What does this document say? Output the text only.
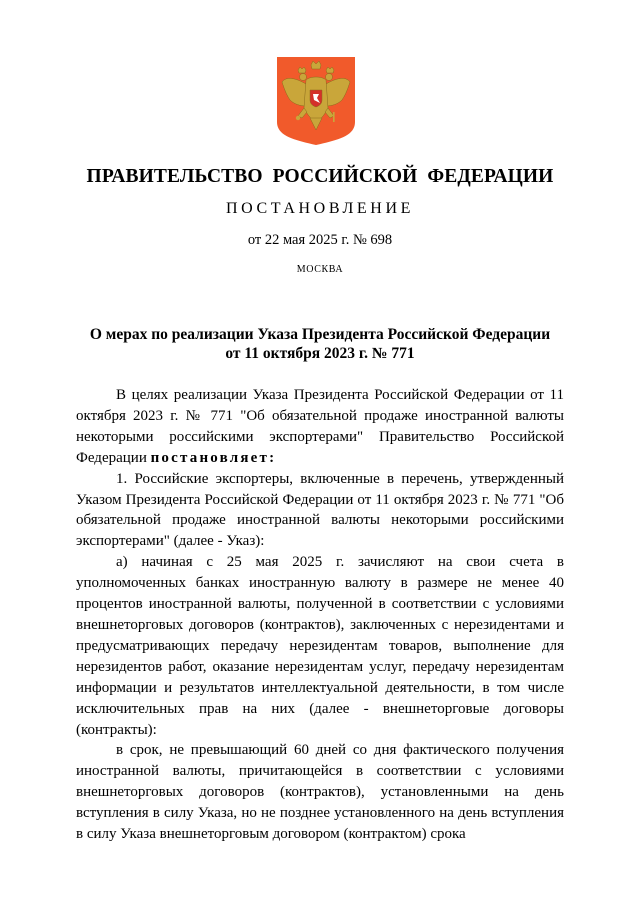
ПРАВИТЕЛЬСТВО РОССИЙСКОЙ ФЕДЕРАЦИИ
ПОСТАНОВЛЕНИЕ
от 22 мая 2025 г. № 698
МОСКВА
О мерах по реализации Указа Президента Российской Федерации
от 11 октября 2023 г. № 771

В целях реализации Указа Президента Российской Федерации от 11 октября 2023 г. № 771 "Об обязательной продаже иностранной валюты некоторыми российскими экспортерами" Правительство Российской Федерации постановляет:

1. Российские экспортеры, включенные в перечень, утвержденный Указом Президента Российской Федерации от 11 октября 2023 г. № 771 "Об обязательной продаже иностранной валюты некоторыми российскими экспортерами" (далее - Указ):

а) начиная с 25 мая 2025 г. зачисляют на свои счета в уполномоченных банках иностранную валюту в размере не менее 40 процентов иностранной валюты, полученной в соответствии с условиями внешнеторговых договоров (контрактов), заключенных с нерезидентами и предусматривающих передачу нерезидентам товаров, выполнение для нерезидентов работ, оказание нерезидентам услуг, передачу нерезидентам информации и результатов интеллектуальной деятельности, в том числе исключительных прав на них (далее - внешнеторговые договоры (контракты):

в срок, не превышающий 60 дней со дня фактического получения иностранной валюты, причитающейся в соответствии с условиями внешнеторговых договоров (контрактов), установленными на день вступления в силу Указа, но не позднее установленного на день вступления в силу Указа внешнеторговым договором (контрактом) срока
